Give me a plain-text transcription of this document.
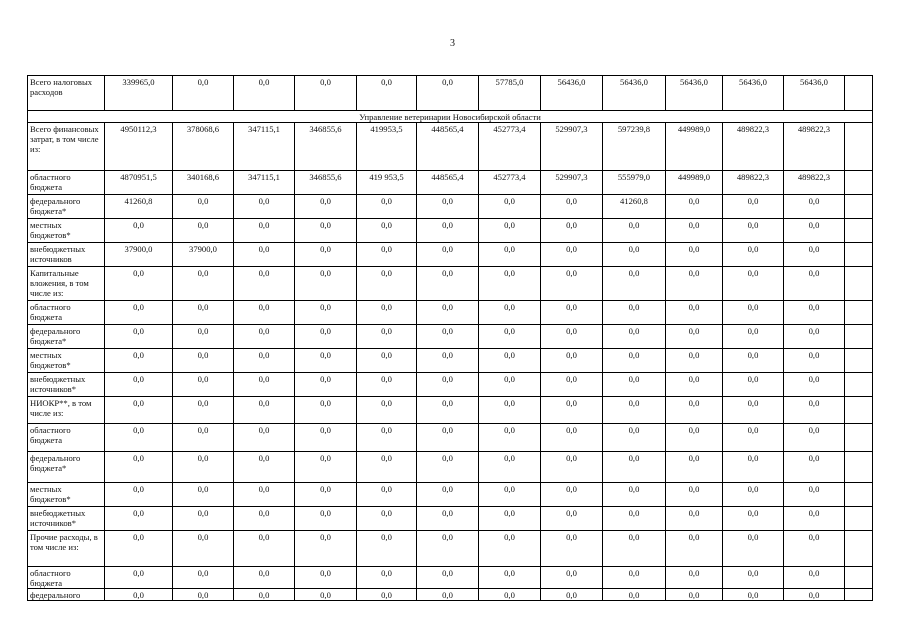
3
Всего налоговых расходов	339965,0	0,0	0,0	0,0	0,0	0,0	57785,0	56436,0	56436,0	56436,0	56436,0	56436,0	
Управление ветеринарии Новосибирской области													
Всего финансовых затрат, в том числе из:	4950112,3	378068,6	347115,1	346855,6	419953,5	448565,4	452773,4	529907,3	597239,8	449989,0	489822,3	489822,3	
областного бюджета	4870951,5	340168,6	347115,1	346855,6	419 953,5	448565,4	452773,4	529907,3	555979,0	449989,0	489822,3	489822,3	
федерального бюджета*	41260,8	0,0	0,0	0,0	0,0	0,0	0,0	0,0	41260,8	0,0	0,0	0,0	
местных бюджетов*	0,0	0,0	0,0	0,0	0,0	0,0	0,0	0,0	0,0	0,0	0,0	0,0	
внебюджетных источников	37900,0	37900,0	0,0	0,0	0,0	0,0	0,0	0,0	0,0	0,0	0,0	0,0	
Капитальные вложения, в том числе из:	0,0	0,0	0,0	0,0	0,0	0,0	0,0	0,0	0,0	0,0	0,0	0,0	
областного бюджета	0,0	0,0	0,0	0,0	0,0	0,0	0,0	0,0	0,0	0,0	0,0	0,0	
федерального бюджета*	0,0	0,0	0,0	0,0	0,0	0,0	0,0	0,0	0,0	0,0	0,0	0,0	
местных бюджетов*	0,0	0,0	0,0	0,0	0,0	0,0	0,0	0,0	0,0	0,0	0,0	0,0	
внебюджетных источников*	0,0	0,0	0,0	0,0	0,0	0,0	0,0	0,0	0,0	0,0	0,0	0,0	
НИОКР**, в том числе из:	0,0	0,0	0,0	0,0	0,0	0,0	0,0	0,0	0,0	0,0	0,0	0,0	
областного бюджета	0,0	0,0	0,0	0,0	0,0	0,0	0,0	0,0	0,0	0,0	0,0	0,0	
федерального бюджета*	0,0	0,0	0,0	0,0	0,0	0,0	0,0	0,0	0,0	0,0	0,0	0,0	
местных бюджетов*	0,0	0,0	0,0	0,0	0,0	0,0	0,0	0,0	0,0	0,0	0,0	0,0	
внебюджетных источников*	0,0	0,0	0,0	0,0	0,0	0,0	0,0	0,0	0,0	0,0	0,0	0,0	
Прочие расходы, в том числе из:	0,0	0,0	0,0	0,0	0,0	0,0	0,0	0,0	0,0	0,0	0,0	0,0	
областного бюджета	0,0	0,0	0,0	0,0	0,0	0,0	0,0	0,0	0,0	0,0	0,0	0,0	
федерального	0,0	0,0	0,0	0,0	0,0	0,0	0,0	0,0	0,0	0,0	0,0	0,0	
